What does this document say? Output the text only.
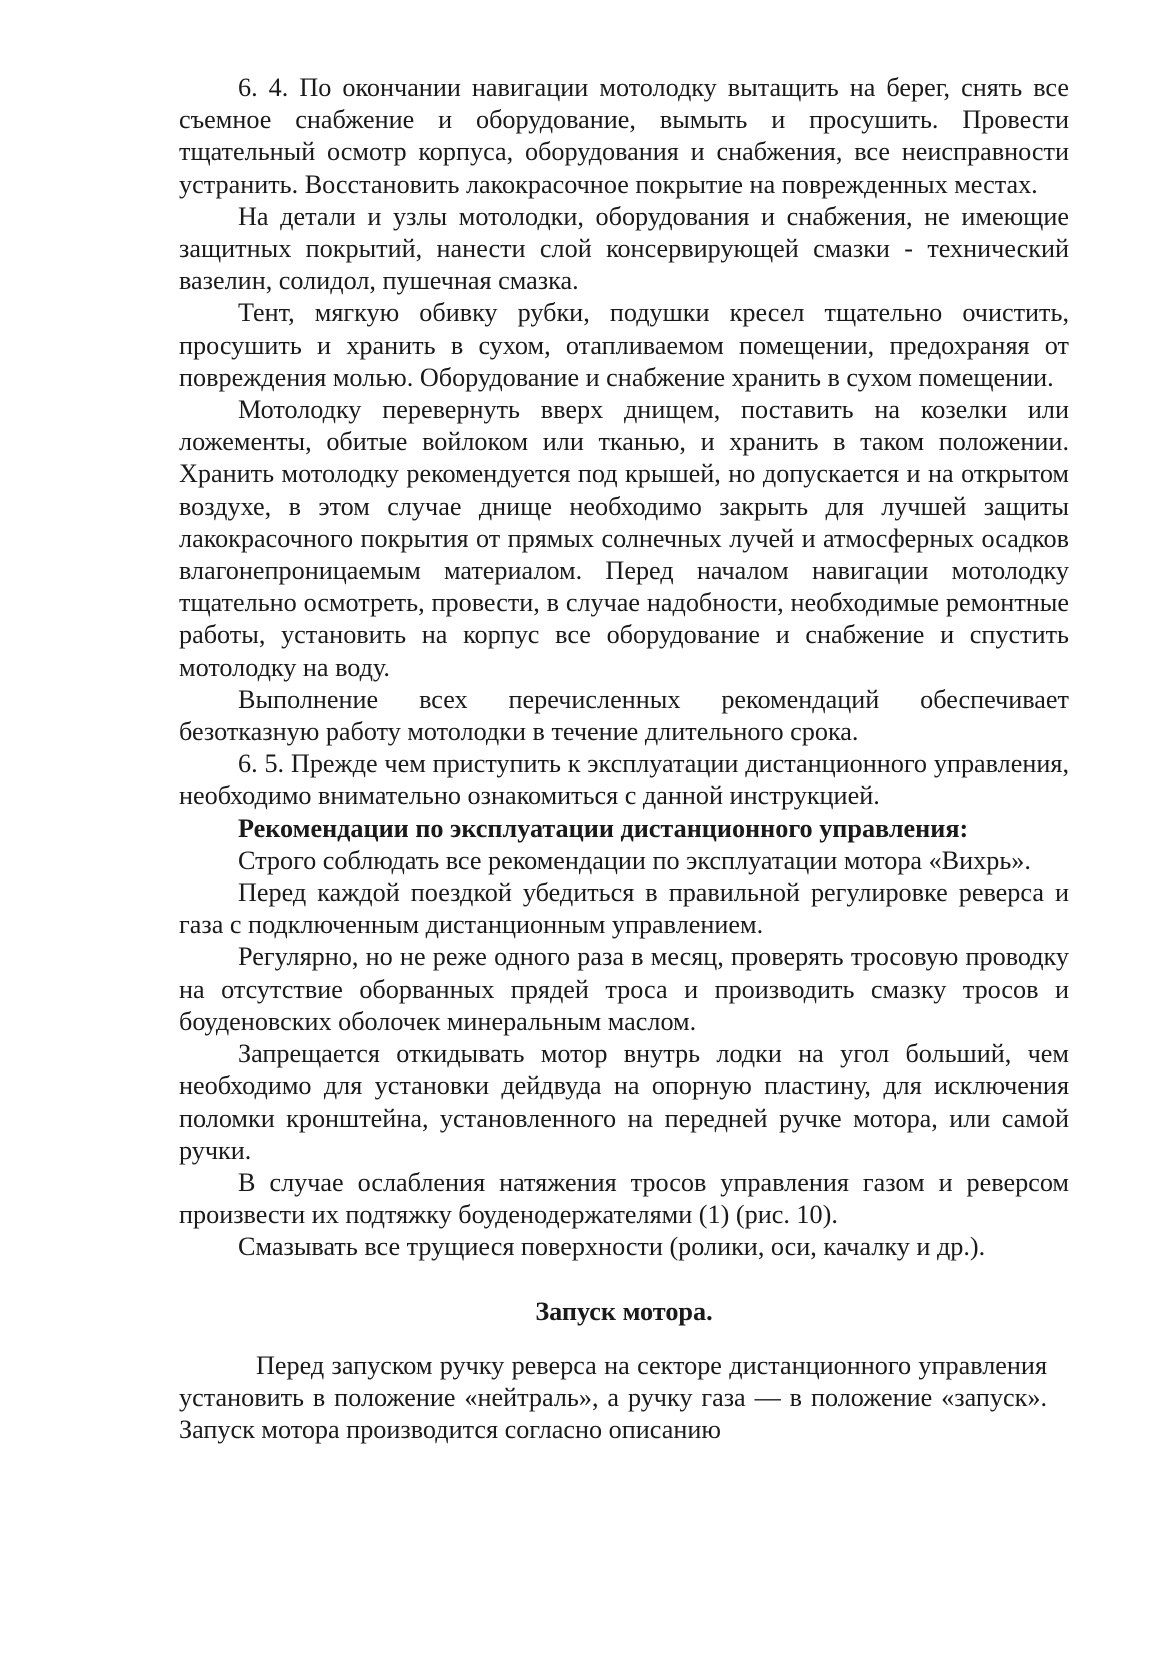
6. 4. По окончании навигации мотолодку вытащить на берег, снять все съемное снабжение и оборудование, вымыть и просушить. Провести тщательный осмотр корпуса, оборудования и снабжения, все неисправности устранить. Восстановить лакокрасочное покрытие на поврежденных местах.

На детали и узлы мотолодки, оборудования и снабжения, не имеющие защитных покрытий, нанести слой консервирующей смазки - технический вазелин, солидол, пушечная смазка.

Тент, мягкую обивку рубки, подушки кресел тщательно очистить, просушить и хранить в сухом, отапливаемом помещении, предохраняя от повреждения молью. Оборудование и снабжение хранить в сухом помещении.

Мотолодку перевернуть вверх днищем, поставить на козелки или ложементы, обитые войлоком или тканью, и хранить в таком положении. Хранить мотолодку рекомендуется под крышей, но допускается и на открытом воздухе, в этом случае днище необходимо закрыть для лучшей защиты лакокрасочного покрытия от прямых солнечных лучей и атмосферных осадков влагонепроницаемым материалом. Перед началом навигации мотолодку тщательно осмотреть, провести, в случае надобности, необходимые ремонтные работы, установить на корпус все оборудование и снабжение и спустить мотолодку на воду.

Выполнение всех перечисленных рекомендаций обеспечивает безотказную работу мотолодки в течение длительного срока.

6. 5. Прежде чем приступить к эксплуатации дистанционного управления, необходимо внимательно ознакомиться с данной инструкцией.

Рекомендации по эксплуатации дистанционного управления:

Строго соблюдать все рекомендации по эксплуатации мотора «Вихрь».

Перед каждой поездкой убедиться в правильной регулировке реверса и газа с подключенным дистанционным управлением.

Регулярно, но не реже одного раза в месяц, проверять тросовую проводку на отсутствие оборванных прядей троса и производить смазку тросов и боуденовских оболочек минеральным маслом.

Запрещается откидывать мотор внутрь лодки на угол больший, чем необходимо для установки дейдвуда на опорную пластину, для исключения поломки кронштейна, установленного на передней ручке мотора, или самой ручки.

В случае ослабления натяжения тросов управления газом и реверсом произвести их подтяжку боуденодержателями (1) (рис. 10).

Смазывать все трущиеся поверхности (ролики, оси, качалку и др.).

Запуск мотора.

Перед запуском ручку реверса на секторе дистанционного управления установить в положение «нейтраль», а ручку газа — в положение «запуск». Запуск мотора производится согласно описанию
